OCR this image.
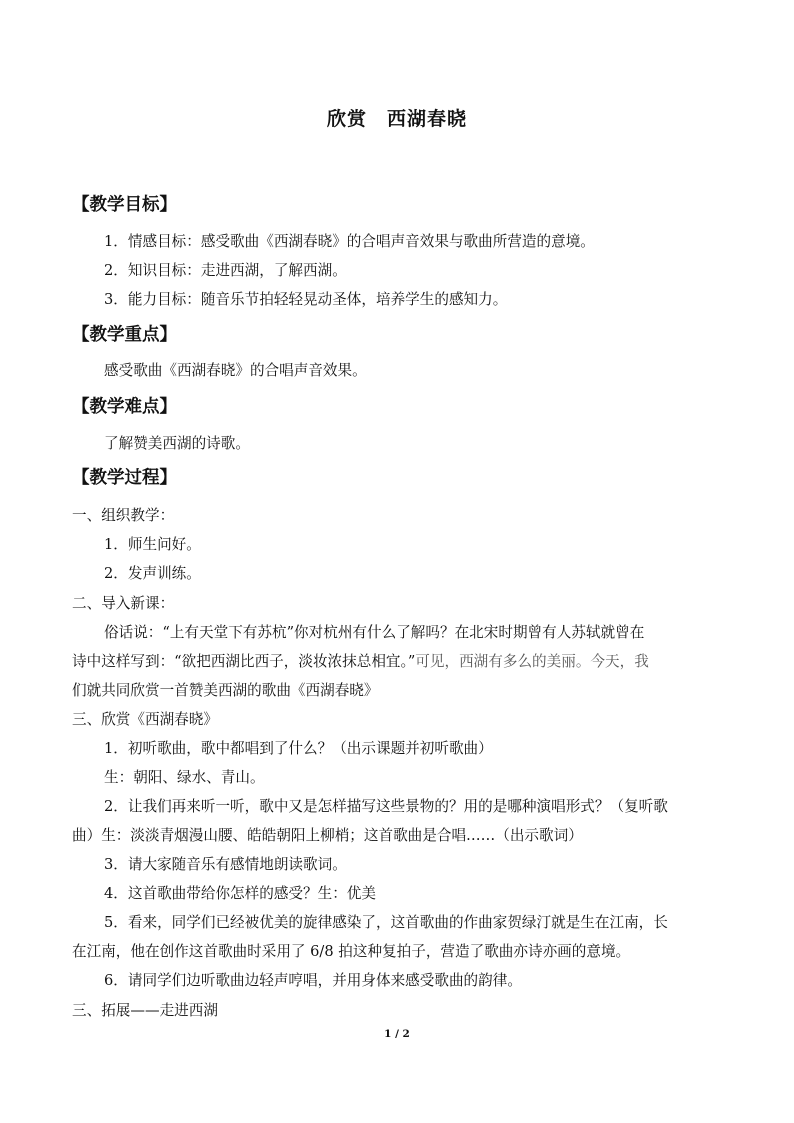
欣赏　西湖春晓
【教学目标】
1．情感目标：感受歌曲《西湖春晓》的合唱声音效果与歌曲所营造的意境。
2．知识目标：走进西湖，了解西湖。
3．能力目标：随音乐节拍轻轻晃动圣体，培养学生的感知力。
【教学重点】
感受歌曲《西湖春晓》的合唱声音效果。
【教学难点】
了解赞美西湖的诗歌。
【教学过程】
一、组织教学：
1．师生问好。
2．发声训练。
二、导入新课：
俗话说：“上有天堂下有苏杭”你对杭州有什么了解吗？在北宋时期曾有人苏轼就曾在
诗中这样写到：“欲把西湖比西子，淡妆浓抹总相宜。”可见，西湖有多么的美丽。今天，我
们就共同欣赏一首赞美西湖的歌曲《西湖春晓》
三、欣赏《西湖春晓》
1．初听歌曲，歌中都唱到了什么？（出示课题并初听歌曲）
生：朝阳、绿水、青山。
2．让我们再来听一听，歌中又是怎样描写这些景物的？用的是哪种演唱形式？（复听歌
曲）生：淡淡青烟漫山腰、皓皓朝阳上柳梢；这首歌曲是合唱……（出示歌词）
3．请大家随音乐有感情地朗读歌词。
4．这首歌曲带给你怎样的感受？生：优美
5．看来，同学们已经被优美的旋律感染了，这首歌曲的作曲家贺绿汀就是生在江南，长
在江南，他在创作这首歌曲时采用了 6/8 拍这种复拍子，营造了歌曲亦诗亦画的意境。
6．请同学们边听歌曲边轻声哼唱，并用身体来感受歌曲的韵律。
三、拓展——走进西湖
1 / 2
